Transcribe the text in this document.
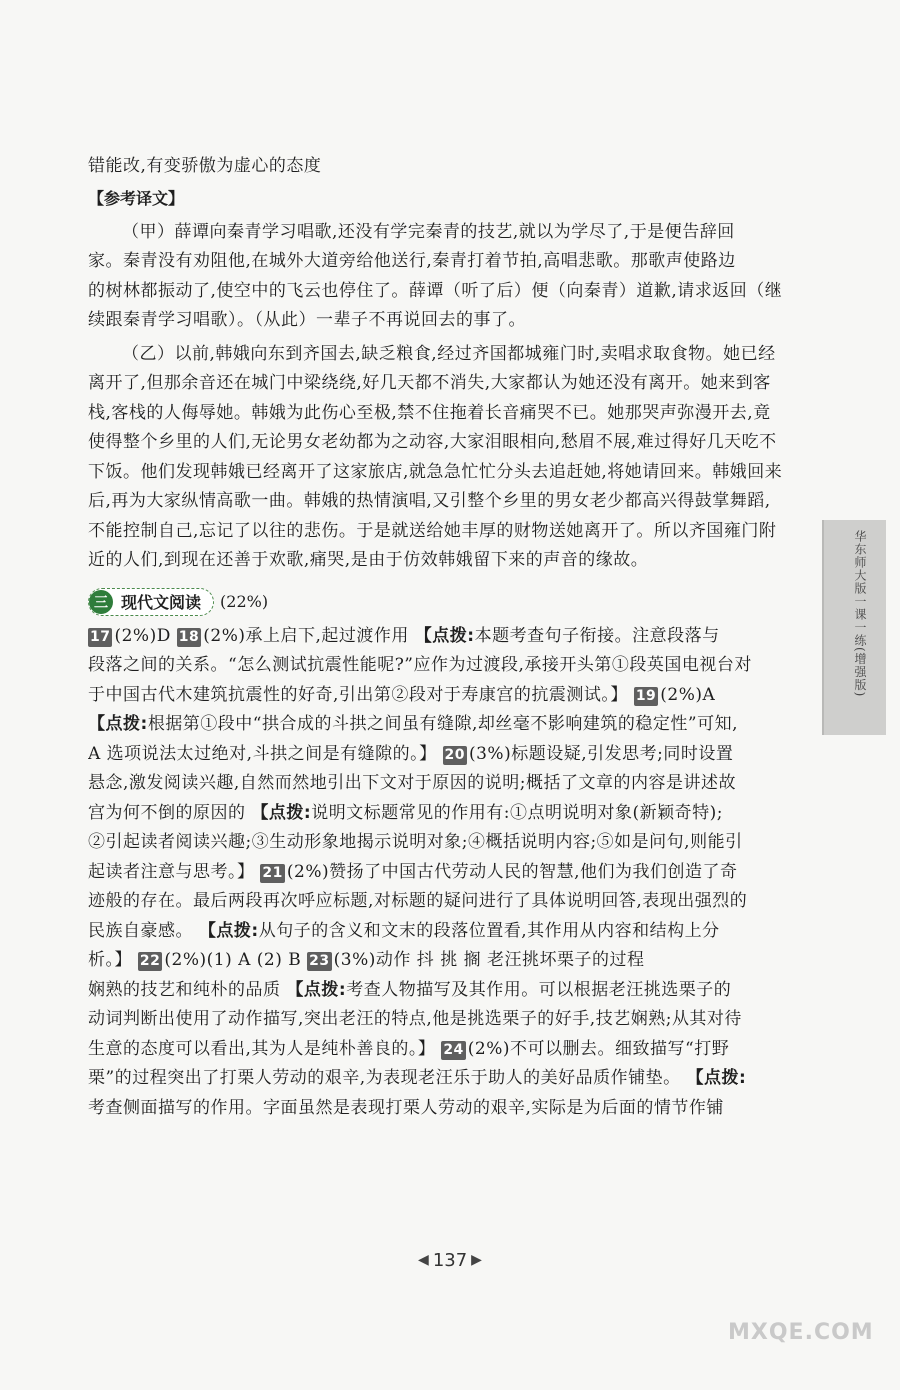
错能改,有变骄傲为虚心的态度
【参考译文】
（甲）薛谭向秦青学习唱歌,还没有学完秦青的技艺,就以为学尽了,于是便告辞回
家。秦青没有劝阻他,在城外大道旁给他送行,秦青打着节拍,高唱悲歌。那歌声使路边
的树林都振动了,使空中的飞云也停住了。薛谭（听了后）便（向秦青）道歉,请求返回（继
续跟秦青学习唱歌）。（从此）一辈子不再说回去的事了。
（乙）以前,韩娥向东到齐国去,缺乏粮食,经过齐国都城雍门时,卖唱求取食物。她已经
离开了,但那余音还在城门中梁绕绕,好几天都不消失,大家都认为她还没有离开。她来到客
栈,客栈的人侮辱她。韩娥为此伤心至极,禁不住拖着长音痛哭不已。她那哭声弥漫开去,竟
使得整个乡里的人们,无论男女老幼都为之动容,大家泪眼相向,愁眉不展,难过得好几天吃不
下饭。他们发现韩娥已经离开了这家旅店,就急急忙忙分头去追赶她,将她请回来。韩娥回来
后,再为大家纵情高歌一曲。韩娥的热情演唱,又引整个乡里的男女老少都高兴得鼓掌舞蹈,
不能控制自己,忘记了以往的悲伤。于是就送给她丰厚的财物送她离开了。所以齐国雍门附
近的人们,到现在还善于欢歌,痛哭,是由于仿效韩娥留下来的声音的缘故。
三 现代文阅读 (22%)
17 (2%)D 18 (2%)承上启下,起过渡作用 【点拨:本题考查句子衔接。注意段落与
段落之间的关系。“怎么测试抗震性能呢?”应作为过渡段,承接开头第①段英国电视台对
于中国古代木建筑抗震性的好奇,引出第②段对于寿康宫的抗震测试。】 19 (2%)A
【点拨:根据第①段中“拱合成的斗拱之间虽有缝隙,却丝毫不影响建筑的稳定性”可知,
A 选项说法太过绝对,斗拱之间是有缝隙的。】 20 (3%)标题设疑,引发思考;同时设置
悬念,激发阅读兴趣,自然而然地引出下文对于原因的说明;概括了文章的内容是讲述故
宫为何不倒的原因的 【点拨:说明文标题常见的作用有:①点明说明对象(新颖奇特);
②引起读者阅读兴趣;③生动形象地揭示说明对象;④概括说明内容;⑤如是问句,则能引
起读者注意与思考。】 21 (2%)赞扬了中国古代劳动人民的智慧,他们为我们创造了奇
迹般的存在。最后两段再次呼应标题,对标题的疑问进行了具体说明回答,表现出强烈的
民族自豪感。 【点拨:从句子的含义和文末的段落位置看,其作用从内容和结构上分
析。】 22 (2%)(1) A (2) B 23 (3%)动作 抖 挑 搁 老汪挑坏栗子的过程
娴熟的技艺和纯朴的品质 【点拨:考查人物描写及其作用。可以根据老汪挑选栗子的
动词判断出使用了动作描写,突出老汪的特点,他是挑选栗子的好手,技艺娴熟;从其对待
生意的态度可以看出,其为人是纯朴善良的。】 24 (2%)不可以删去。细致描写“打野
栗”的过程突出了打栗人劳动的艰辛,为表现老汪乐于助人的美好品质作铺垫。 【点拨:
考查侧面描写的作用。字面虽然是表现打栗人劳动的艰辛,实际是为后面的情节作铺
华东师大版一课一练(增强版)
◀ 137 ▶
MXQE.COM
